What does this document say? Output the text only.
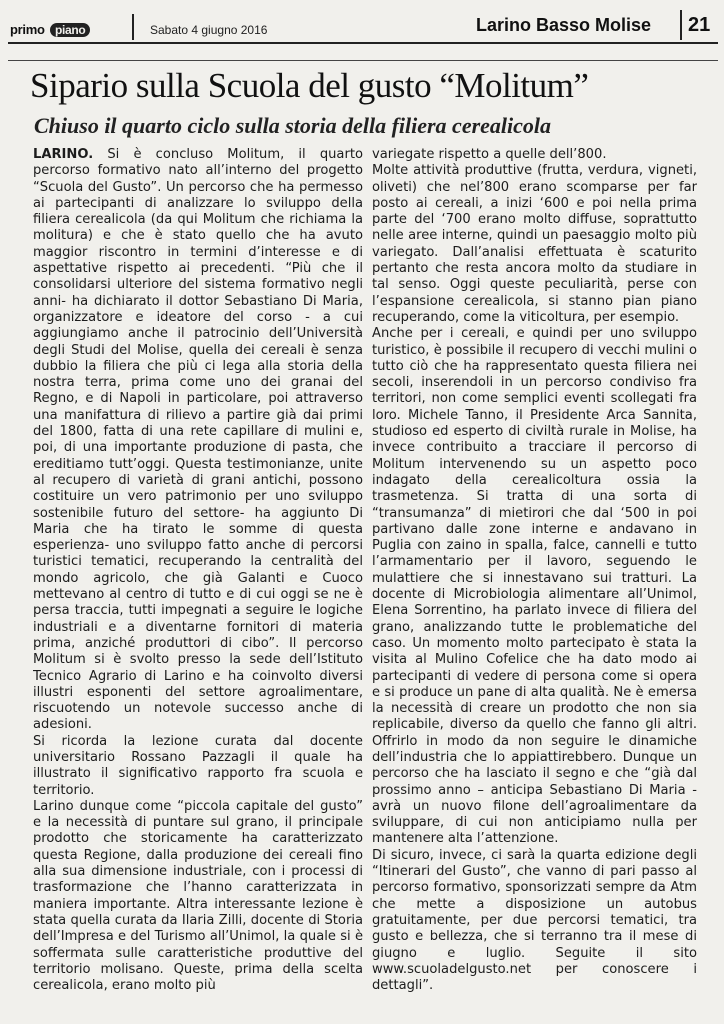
primo piano	Sabato 4 giugno 2016	Larino Basso Molise 21
Sipario sulla Scuola del gusto “Molitum”
Chiuso il quarto ciclo sulla storia della filiera cerealicola

LARINO. Si è concluso Molitum, il quarto percorso formativo nato all’interno del progetto “Scuola del Gusto”. Un percorso che ha permesso ai partecipanti di analizzare lo sviluppo della filiera cerealicola (da qui Molitum che richiama la molitura) e che è stato quello che ha avuto maggior riscontro in termini d’interesse e di aspettative rispetto ai precedenti. “Più che il consolidarsi ulteriore del sistema formativo negli anni- ha dichiarato il dottor Sebastiano Di Maria, organizzatore e ideatore del corso - a cui aggiungiamo anche il patrocinio dell’Università degli Studi del Molise, quella dei cereali è senza dubbio la filiera che più ci lega alla storia della nostra terra, prima come uno dei granai del Regno, e di Napoli in particolare, poi attraverso una manifattura di rilievo a partire già dai primi del 1800, fatta di una rete capillare di mulini e, poi, di una importante produzione di pasta, che ereditiamo tutt’oggi. Questa testimonianze, unite al recupero di varietà di grani antichi, possono costituire un vero patrimonio per uno sviluppo sostenibile futuro del settore- ha aggiunto Di Maria che ha tirato le somme di questa esperienza- uno sviluppo fatto anche di percorsi turistici tematici, recuperando la centralità del mondo agricolo, che già Galanti e Cuoco mettevano al centro di tutto e di cui oggi se ne è persa traccia, tutti impegnati a seguire le logiche industriali e a diventarne fornitori di materia prima, anziché produttori di cibo”. Il percorso Molitum si è svolto presso la sede dell’Istituto Tecnico Agrario di Larino e ha coinvolto diversi illustri esponenti del settore agroalimentare, riscuotendo un notevole successo anche di adesioni.

Si ricorda la lezione curata dal docente universitario Rossano Pazzagli il quale ha illustrato il significativo rapporto fra scuola e territorio.

Larino dunque come “piccola capitale del gusto” e la necessità di puntare sul grano, il principale prodotto che storicamente ha caratterizzato questa Regione, dalla produzione dei cereali fino alla sua dimensione industriale, con i processi di trasformazione che l’hanno caratterizzata in maniera importante. Altra interessante lezione è stata quella curata da Ilaria Zilli, docente di Storia dell’Impresa e del Turismo all’Unimol, la quale si è soffermata sulle caratteristiche produttive del territorio molisano. Queste, prima della scelta cerealicola, erano molto più

variegate rispetto a quelle dell’800.

Molte attività produttive (frutta, verdura, vigneti, oliveti) che nel’800 erano scomparse per far posto ai cereali, a inizi ‘600 e poi nella prima parte del ‘700 erano molto diffuse, soprattutto nelle aree interne, quindi un paesaggio molto più variegato. Dall’analisi effettuata è scaturito pertanto che resta ancora molto da studiare in tal senso. Oggi queste peculiarità, perse con l’espansione cerealicola, si stanno pian piano recuperando, come la viticoltura, per esempio.

Anche per i cereali, e quindi per uno sviluppo turistico, è possibile il recupero di vecchi mulini o tutto ciò che ha rappresentato questa filiera nei secoli, inserendoli in un percorso condiviso fra territori, non come semplici eventi scollegati fra loro. Michele Tanno, il Presidente Arca Sannita, studioso ed esperto di civiltà rurale in Molise, ha invece contribuito a tracciare il percorso di Molitum intervenendo su un aspetto poco indagato della cerealicoltura ossia la trasmetenza. Si tratta di una sorta di “transumanza” di mietirori che dal ‘500 in poi partivano dalle zone interne e andavano in Puglia con zaino in spalla, falce, cannelli e tutto l’armamentario per il lavoro, seguendo le mulattiere che si innestavano sui tratturi. La docente di Microbiologia alimentare all’Unimol, Elena Sorrentino, ha parlato invece di filiera del grano, analizzando tutte le problematiche del caso. Un momento molto partecipato è stata la visita al Mulino Cofelice che ha dato modo ai partecipanti di vedere di persona come si opera e si produce un pane di alta qualità. Ne è emersa la necessità di creare un prodotto che non sia replicabile, diverso da quello che fanno gli altri. Offrirlo in modo da non seguire le dinamiche dell’industria che lo appiattirebbero. Dunque un percorso che ha lasciato il segno e che “già dal prossimo anno – anticipa Sebastiano Di Maria - avrà un nuovo filone dell’agroalimentare da sviluppare, di cui non anticipiamo nulla per mantenere alta l’attenzione.

Di sicuro, invece, ci sarà la quarta edizione degli “Itinerari del Gusto”, che vanno di pari passo al percorso formativo, sponsorizzati sempre da Atm che mette a disposizione un autobus gratuitamente, per due percorsi tematici, tra gusto e bellezza, che si terranno tra il mese di giugno e luglio. Seguite il sito www.scuoladelgusto.net per conoscere i dettagli”.
